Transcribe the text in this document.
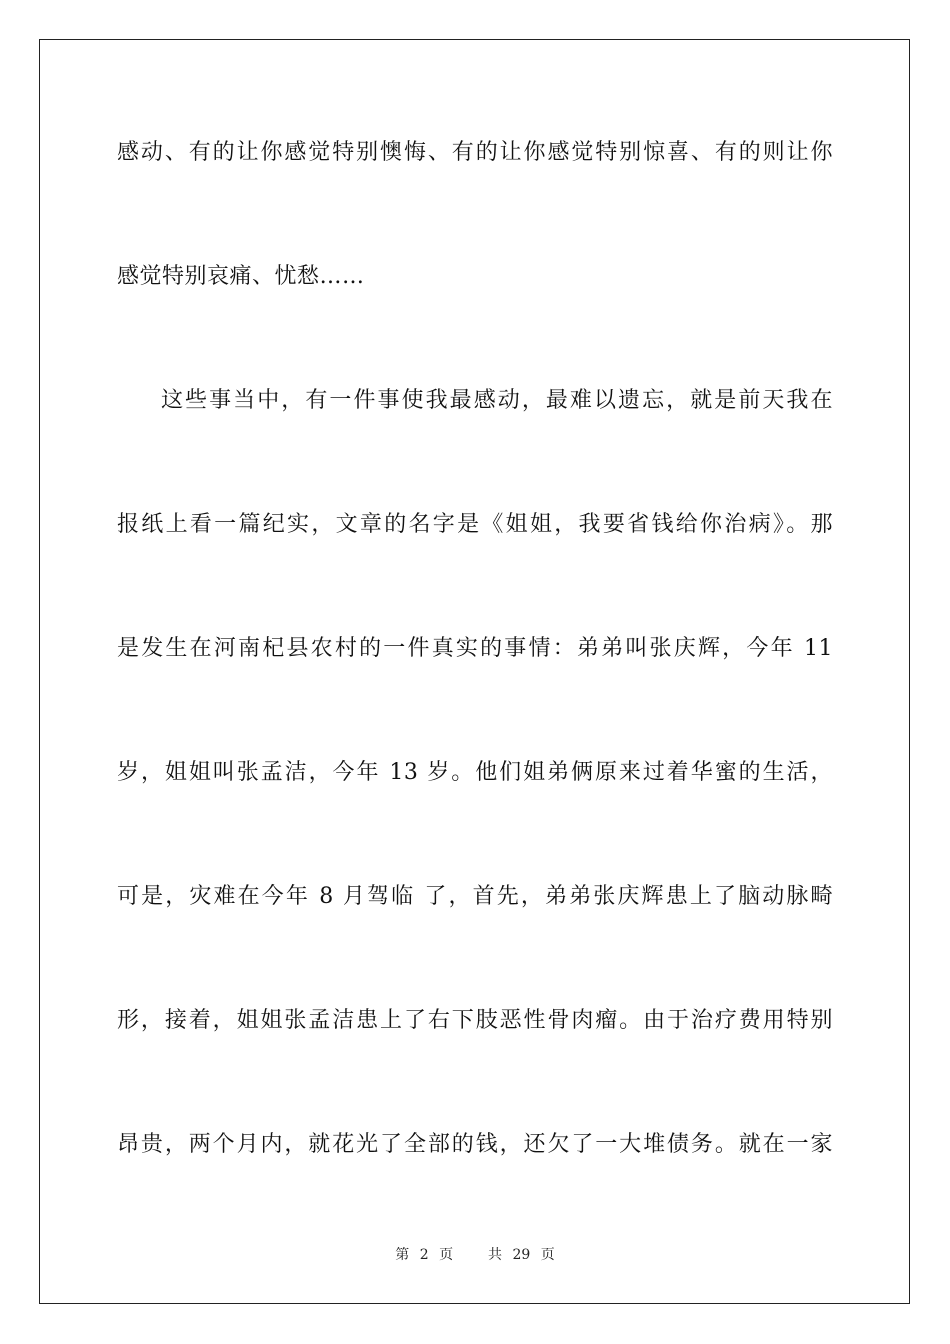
感动、有的让你感觉特别懊悔、有的让你感觉特别惊喜、有的则让你
感觉特别哀痛、忧愁……
这些事当中，有一件事使我最感动，最难以遗忘，就是前天我在
报纸上看一篇纪实，文章的名字是《姐姐，我要省钱给你治病》。那
是发生在河南杞县农村的一件真实的事情：弟弟叫张庆辉，今年 11
岁，姐姐叫张孟洁，今年 13 岁。他们姐弟俩原来过着华蜜的生活，
可是，灾难在今年 8 月驾临 了，首先，弟弟张庆辉患上了脑动脉畸
形，接着，姐姐张孟洁患上了右下肢恶性骨肉瘤。由于治疗费用特别
昂贵，两个月内，就花光了全部的钱，还欠了一大堆债务。就在一家
第 2 页 共 29 页
